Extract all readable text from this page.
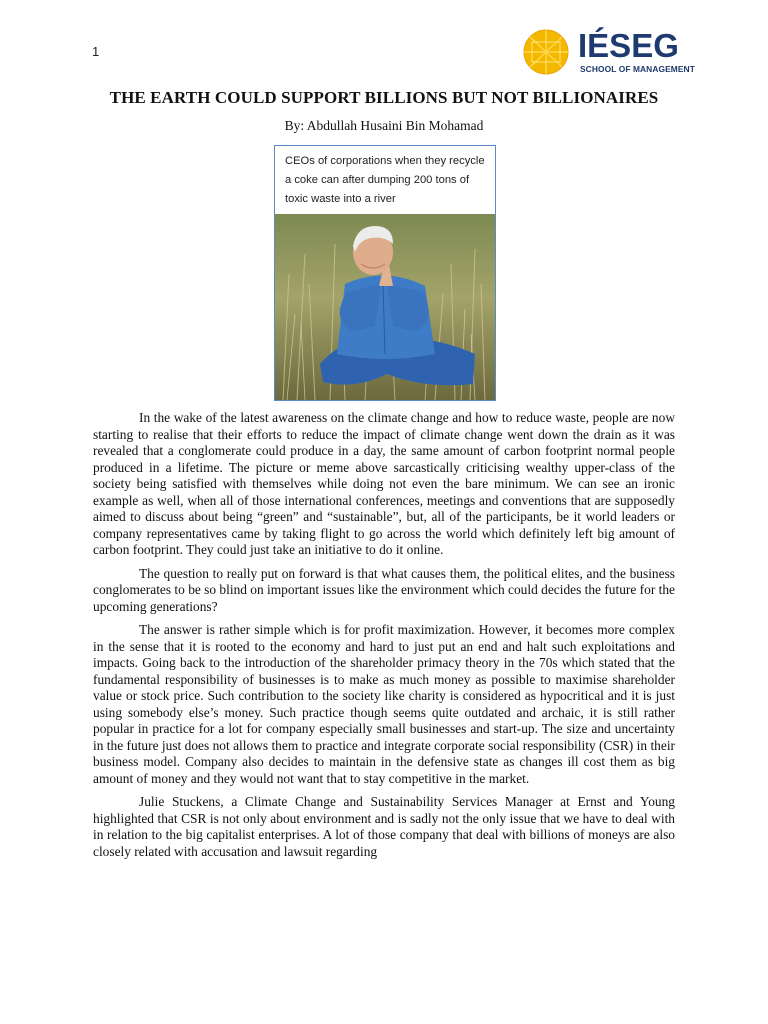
1	IÉSEG
SCHOOL OF MANAGEMENT
THE EARTH COULD SUPPORT BILLIONS BUT NOT BILLIONAIRES
By: Abdullah Husaini Bin Mohamad
CEOs of corporations when they recycle a coke can after dumping 200 tons of toxic waste into a river

In the wake of the latest awareness on the climate change and how to reduce waste, people are now starting to realise that their efforts to reduce the impact of climate change went down the drain as it was revealed that a conglomerate could produce in a day, the same amount of carbon footprint normal people produced in a lifetime. The picture or meme above sarcastically criticising wealthy upper-class of the society being satisfied with themselves while doing not even the bare minimum. We can see an ironic example as well, when all of those international conferences, meetings and conventions that are supposedly aimed to discuss about being “green” and “sustainable”, but, all of the participants, be it world leaders or company representatives came by taking flight to go across the world which definitely left big amount of carbon footprint. They could just take an initiative to do it online.

The question to really put on forward is that what causes them, the political elites, and the business conglomerates to be so blind on important issues like the environment which could decides the future for the upcoming generations?

The answer is rather simple which is for profit maximization. However, it becomes more complex in the sense that it is rooted to the economy and hard to just put an end and halt such exploitations and impacts. Going back to the introduction of the shareholder primacy theory in the 70s which stated that the fundamental responsibility of businesses is to make as much money as possible to maximise shareholder value or stock price. Such contribution to the society like charity is considered as hypocritical and it is just using somebody else’s money. Such practice though seems quite outdated and archaic, it is still rather popular in practice for a lot for company especially small businesses and start-up. The size and uncertainty in the future just does not allows them to practice and integrate corporate social responsibility (CSR) in their business model. Company also decides to maintain in the defensive state as changes ill cost them as big amount of money and they would not want that to stay competitive in the market.

Julie Stuckens, a Climate Change and Sustainability Services Manager at Ernst and Young highlighted that CSR is not only about environment and is sadly not the only issue that we have to deal with in relation to the big capitalist enterprises. A lot of those company that deal with billions of moneys are also closely related with accusation and lawsuit regarding
